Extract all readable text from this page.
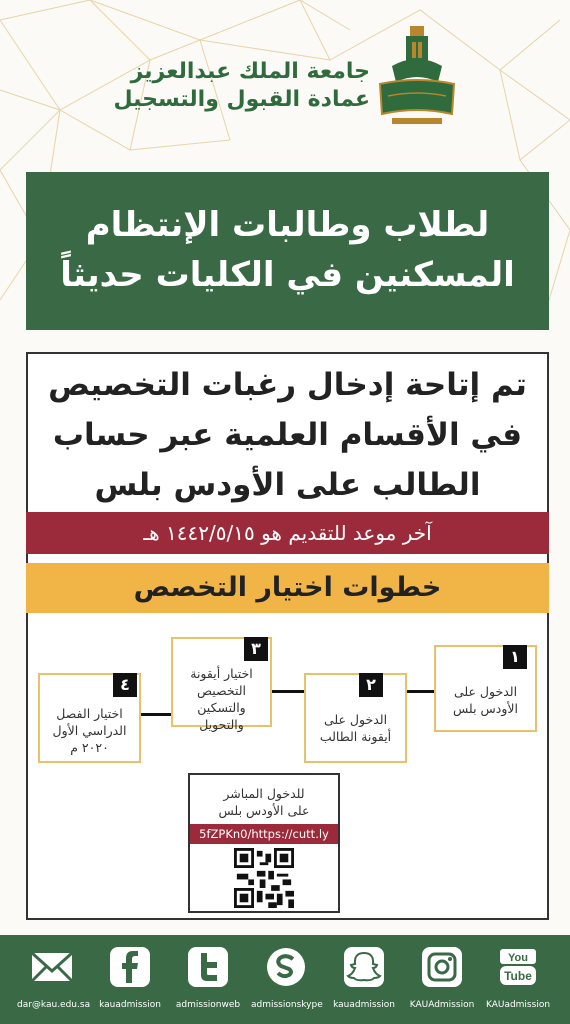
جامعة الملك عبدالعزيز
عمادة القبول والتسجيل
لطلاب وطالبات الإنتظام
المسكنين في الكليات حديثاً
تم إتاحة إدخال رغبات التخصيص
في الأقسام العلمية عبر حساب
الطالب على الأودس بلس
آخر موعد للتقديم هو ١٤٤٢/٥/١٥ هـ
خطوات اختيار التخصص
١
الدخول على
الأودس بلس
٢
الدخول على
أيقونة الطالب
٣
اختيار أيقونة
التخصيص
والتسكين والتحويل
٤
اختيار الفصل
الدراسي الأول
٢٠٢٠ م
للدخول المباشر
على الأودس بلس
5fZPKn0/https://cutt.ly
dar@kau.edu.sa kauadmission	admissionweb	admissionskype	kauadmission	KAUAdmission
You
Tube
KAUadmission
